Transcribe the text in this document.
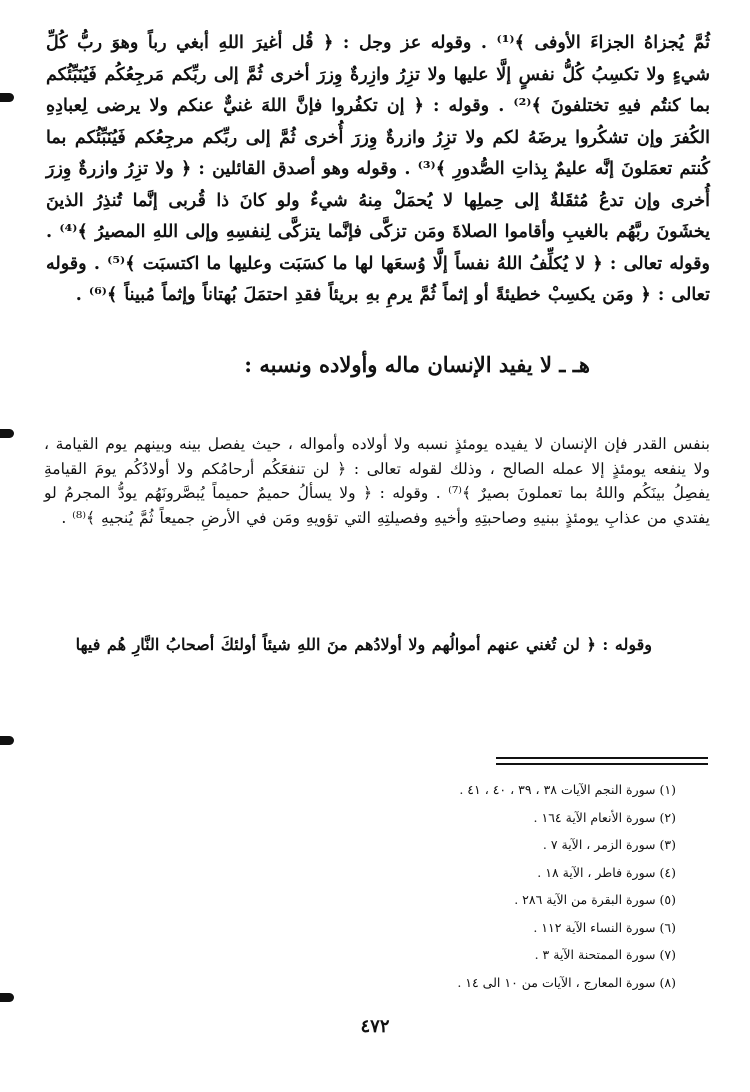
ثُمَّ يُجزاهُ الجزاءَ الأوفى ﴾⁽¹⁾ . وقوله عز وجل : ﴿ قُل أغيرَ اللهِ أبغي رباً وهوَ ربُّ كُلِّ شيءٍ ولا تكسِبُ كُلُّ نفسٍ إلَّا عليها ولا تزِرُ وازِرةٌ وِزرَ أخرى ثُمَّ إلى ربِّكم مَرجِعُكُم فَيُنَبِّئُكم بما كنتُم فيهِ تختلفونَ ﴾⁽²⁾ . وقوله : ﴿ إن تكفُروا فإنَّ اللهَ غنيٌّ عنكم ولا يرضى لِعبادِهِ الكُفرَ وإن تشكُروا يرضَهُ لكم ولا تزِرُ وازرةٌ وِزرَ أُخرى ثُمَّ إلى ربِّكم مرجِعُكم فَيُنَبِّئُكم بما كُنتم تعمَلونَ إنَّه عليمٌ بِذاتِ الصُّدورِ ﴾⁽³⁾ . وقوله وهو أصدق القائلين : ﴿ ولا تزِرُ وازرةٌ وِزرَ أُخرى وإن تدعُ مُثقَلةٌ إلى حِملِها لا يُحمَلْ مِنهُ شيءٌ ولو كانَ ذا قُربى إنَّما تُنذِرُ الذينَ يخشَونَ ربَّهُم بالغيبِ وأقاموا الصلاةَ ومَن تزكَّى فإنَّما يتزكَّى لِنفسِهِ وإلى اللهِ المصيرُ ﴾⁽⁴⁾ . وقوله تعالى : ﴿ لا يُكلِّفُ اللهُ نفساً إلَّا وُسعَها لها ما كسَبَت وعليها ما اكتسبَت ﴾⁽⁵⁾ . وقوله تعالى : ﴿ ومَن يكسِبْ خطيئةً أو إثماً ثُمَّ يرمِ بهِ بريئاً فقدِ احتمَلَ بُهتاناً وإثماً مُبيناً ﴾⁽⁶⁾ .

هـ ـ لا يفيد الإنسان ماله وأولاده ونسبه :

بنفس القدر فإن الإنسان لا يفيده يومئذٍ نسبه ولا أولاده وأمواله ، حيث يفصل بينه وبينهم يوم القيامة ، ولا ينفعه يومئذٍ إلا عمله الصالح ، وذلك لقوله تعالى : ﴿ لن تنفعَكُم أرحامُكم ولا أولادُكُم يومَ القيامةِ يفصِلُ بينَكُم واللهُ بما تعملونَ بصيرٌ ﴾⁽⁷⁾ . وقوله : ﴿ ولا يسألُ حميمٌ حميماً يُبصَّرونَهُم يودُّ المجرمُ لو يفتدي من عذابِ يومئذٍ ببنيهِ وصاحبتِهِ وأخيهِ وفصيلتِهِ التي تؤويهِ ومَن في الأرضِ جميعاً ثُمَّ يُنجيهِ ﴾⁽⁸⁾ .

وقوله : ﴿ لن تُغني عنهم أموالُهم ولا أولادُهم منَ اللهِ شيئاً أولئكَ أصحابُ النَّارِ هُم فيها

(١) سورة النجم الآيات ٣٨ ، ٣٩ ، ٤٠ ، ٤١ .
(٢) سورة الأنعام الآية ١٦٤ .
(٣) سورة الزمر ، الآية ٧ .
(٤) سورة فاطر ، الآية ١٨ .
(٥) سورة البقرة من الآية ٢٨٦ .
(٦) سورة النساء الآية ١١٢ .
(٧) سورة الممتحنة الآية ٣ .
(٨) سورة المعارج ، الآيات من ١٠ الى ١٤ .

٤٧٢
